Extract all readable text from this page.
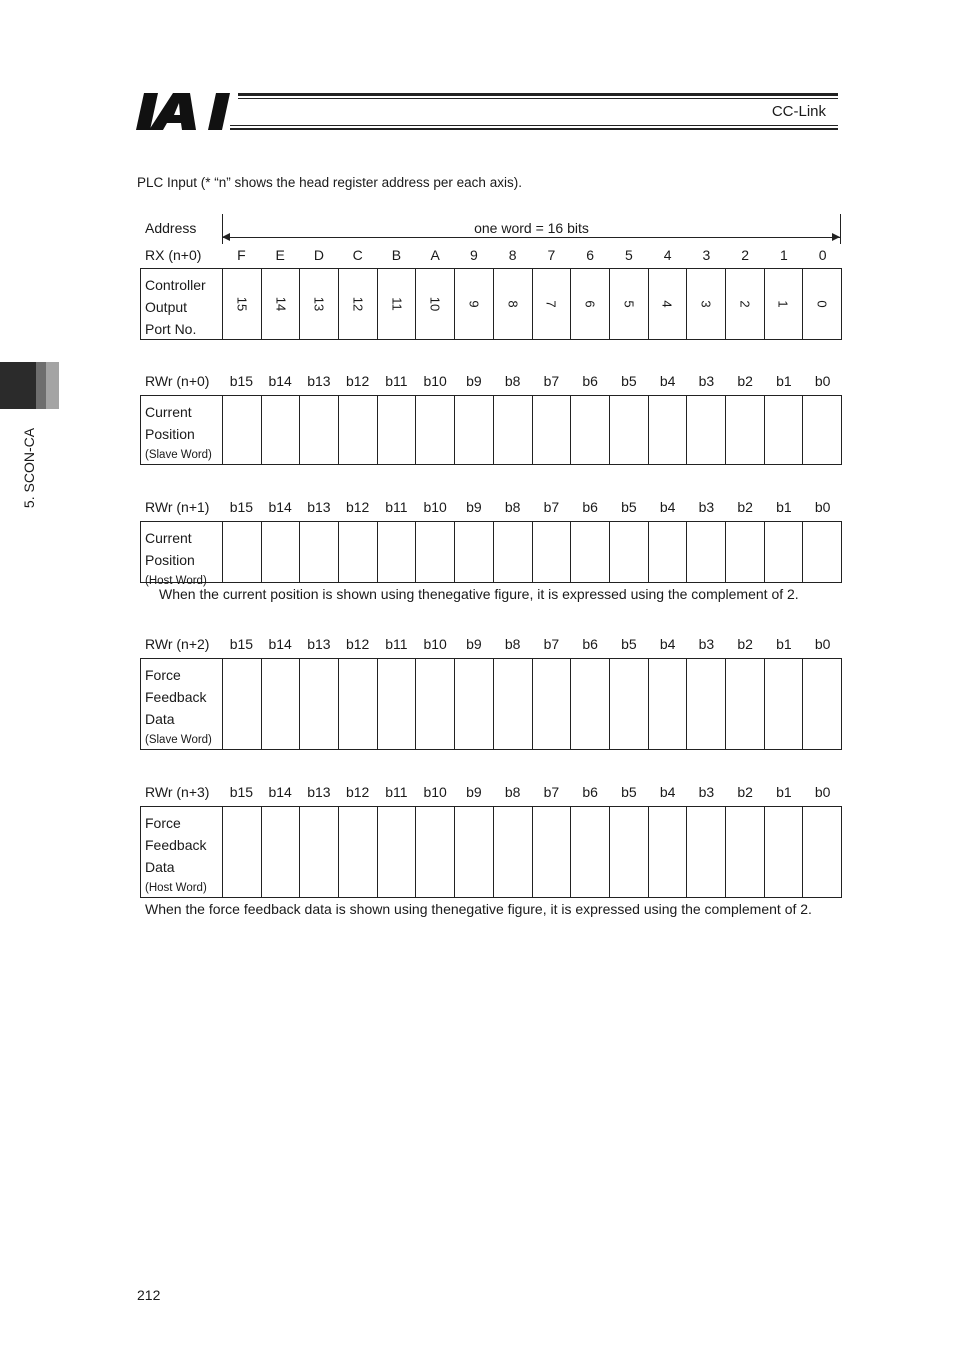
CC-Link
5. SCON-CA
PLC Input (* “n” shows the head register address per each axis).
Address	one word = 16 bits
RX (n+0)	F	E	D	C	B	A	9	8	7	6	5	4	3	2	1	0
Controller
Output
Port No.
15 14 13 12 11 10 9 8 7 6 5 4 3 2 1 0
RWr (n+0)	b15	b14	b13	b12	b11	b10	b9	b8	b7	b6	b5	b4	b3	b2	b1	b0
Current
Position
(Slave Word)
RWr (n+1)	b15	b14	b13	b12	b11	b10	b9	b8	b7	b6	b5	b4	b3	b2	b1	b0
Current
Position
(Host Word)
RWr (n+2)	b15	b14	b13	b12	b11	b10	b9	b8	b7	b6	b5	b4	b3	b2	b1	b0
Force
Feedback
Data
(Slave Word)
RWr (n+3)	b15	b14	b13	b12	b11	b10	b9	b8	b7	b6	b5	b4	b3	b2	b1	b0
Force
Feedback
Data
(Host Word)
When the current position is shown using thenegative figure, it is expressed using the complement of 2.
When the force feedback data is shown using thenegative figure, it is expressed using the complement of 2.
212
